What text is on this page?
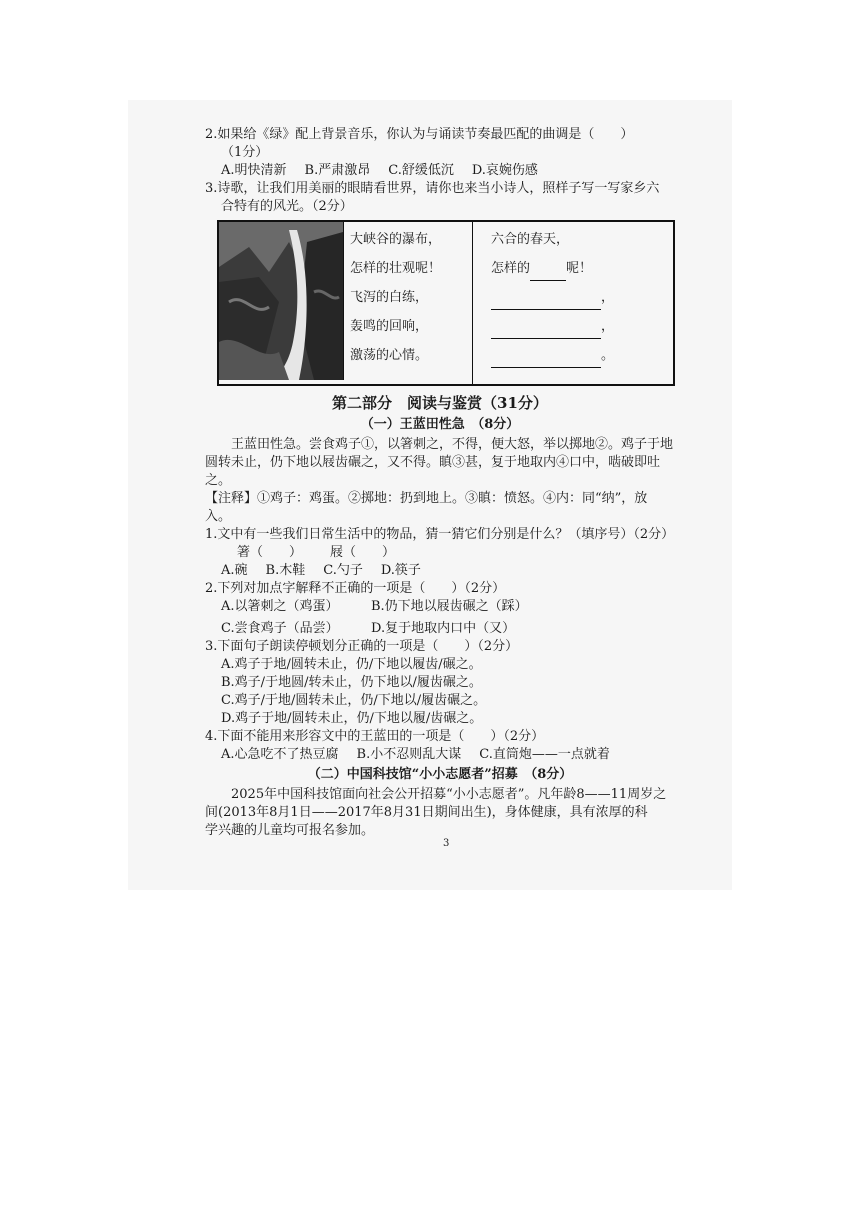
2.如果给《绿》配上背景音乐，你认为与诵读节奏最匹配的曲调是（　　）
（1分）
A.明快清新 B.严肃激昂 C.舒缓低沉 D.哀婉伤感
3.诗歌，让我们用美丽的眼睛看世界，请你也来当小诗人，照样子写一写家乡六
合特有的风光。（2分）
大峡谷的瀑布，
怎样的壮观呢！
飞泻的白练，
轰鸣的回响，
激荡的心情。
六合的春天，
怎样的	呢！
，
，
。
第二部分　阅读与鉴赏（31分）
（一）王蓝田性急　（8分）
王蓝田性急。尝食鸡子①，以箸刺之，不得，便大怒，举以掷地②。鸡子于地
圆转未止，仍下地以屐齿碾之，又不得。瞋③甚，复于地取内④口中，啮破即吐
之。
【注释】①鸡子：鸡蛋。②掷地：扔到地上。③瞋：愤怒。④内：同“纳”，放
入。
1.文中有一些我们日常生活中的物品，猜一猜它们分别是什么？（填序号）（2分）
箸（　　） 屐（　　）
A.碗 B.木鞋 C.勺子 D.筷子
2.下列对加点字解释不正确的一项是（　　）（2分）
A.以箸刺之（鸡蛋）	B.仍下地以屐齿碾之（踩）
C.尝食鸡子（品尝）	D.复于地取内口中（又）
3.下面句子朗读停顿划分正确的一项是（　　）（2分）
A.鸡子于地/圆转未止，仍/下地以履齿/碾之。
B.鸡子/于地圆/转未止，仍下地以/履齿碾之。
C.鸡子/于地/圆转未止，仍/下地以/履齿碾之。
D.鸡子于地/圆转未止，仍/下地以履/齿碾之。
4.下面不能用来形容文中的王蓝田的一项是（　　）（2分）
A.心急吃不了热豆腐 B.小不忍则乱大谋 C.直筒炮——一点就着
（二）中国科技馆“小小志愿者”招募　（8分）
2025年中国科技馆面向社会公开招募“小小志愿者”。凡年龄8——11周岁之
间(2013年8月1日——2017年8月31日期间出生)，身体健康，具有浓厚的科
学兴趣的儿童均可报名参加。
3
